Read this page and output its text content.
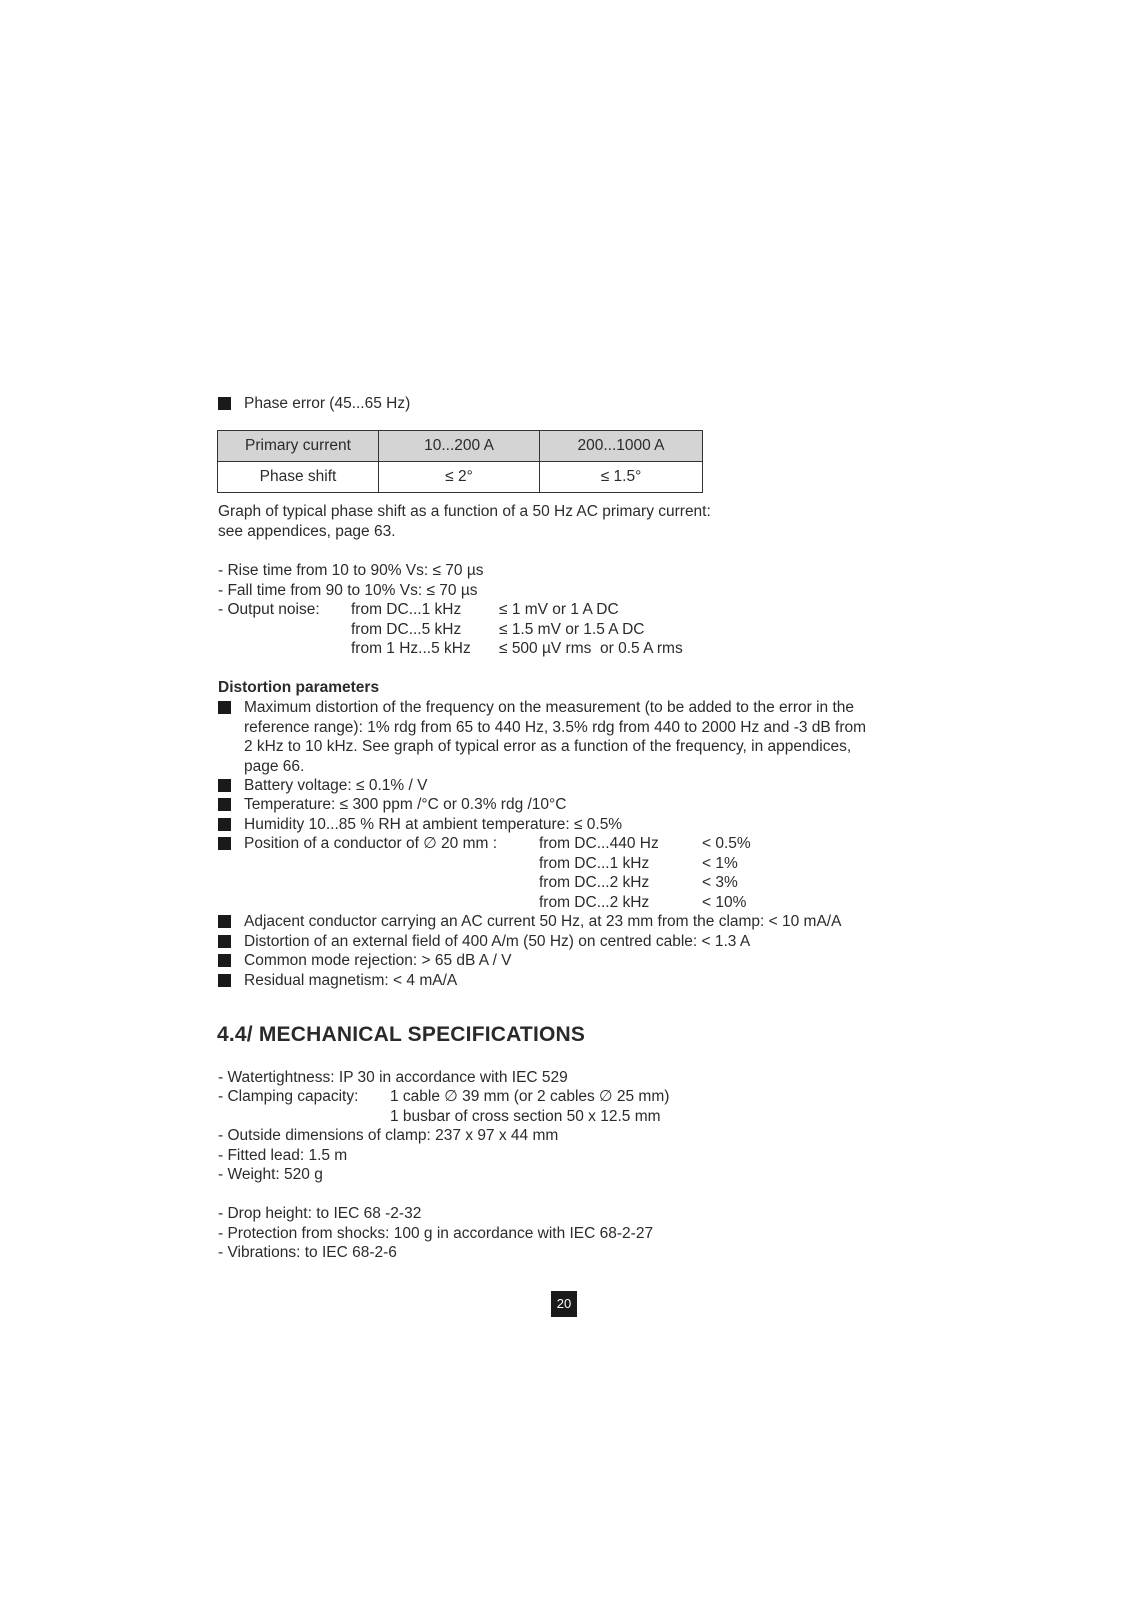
Phase error (45...65 Hz)
Primary current	10...200 A	200...1000 A
Phase shift	≤ 2°	≤ 1.5°
Graph of typical phase shift as a function of a 50 Hz AC primary current:
see appendices, page 63.
- Rise time from 10 to 90% Vs: ≤ 70 µs
- Fall time from 90 to 10% Vs: ≤ 70 µs
- Output noise: from DC...1 kHz ≤ 1 mV or 1 A DC
from DC...5 kHz ≤ 1.5 mV or 1.5 A DC
from 1 Hz...5 kHz ≤ 500 µV rms  or 0.5 A rms
Distortion parameters
Maximum distortion of the frequency on the measurement (to be added to the error in the
reference range): 1% rdg from 65 to 440 Hz, 3.5% rdg from 440 to 2000 Hz and -3 dB from
2 kHz to 10 kHz. See graph of typical error as a function of the frequency, in appendices,
page 66.
Battery voltage: ≤ 0.1% / V
Temperature: ≤ 300 ppm /°C or 0.3% rdg /10°C
Humidity 10...85 % RH at ambient temperature: ≤ 0.5%
Position of a conductor of ∅ 20 mm :	from DC...440 Hz	< 0.5%
from DC...1 kHz	< 1%
from DC...2 kHz	< 3%
from DC...2 kHz	< 10%
Adjacent conductor carrying an AC current 50 Hz, at 23 mm from the clamp: < 10 mA/A
Distortion of an external field of 400 A/m (50 Hz) on centred cable: < 1.3 A
Common mode rejection: > 65 dB A / V
Residual magnetism: < 4 mA/A
4.4/ MECHANICAL SPECIFICATIONS
- Watertightness: IP 30 in accordance with IEC 529
- Clamping capacity: 1 cable ∅ 39 mm (or 2 cables ∅ 25 mm)
1 busbar of cross section 50 x 12.5 mm
- Outside dimensions of clamp: 237 x 97 x 44 mm
- Fitted lead: 1.5 m
- Weight: 520 g
- Drop height: to IEC 68 -2-32
- Protection from shocks: 100 g in accordance with IEC 68-2-27
- Vibrations: to IEC 68-2-6
20
